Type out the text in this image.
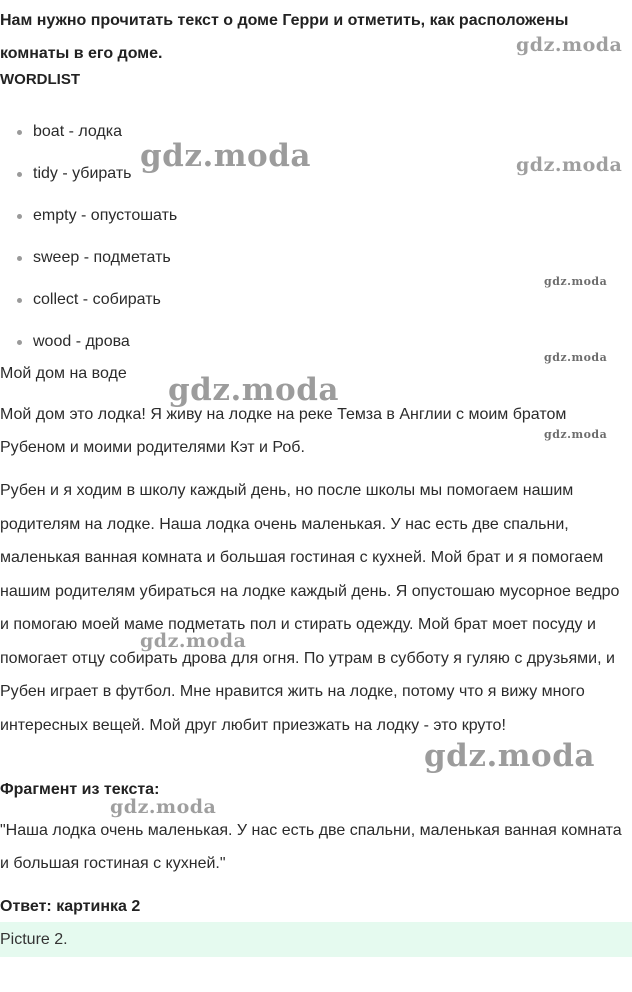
Нам нужно прочитать текст о доме Герри и отметить, как расположены комнаты в его доме.
WORDLIST
boat - лодка
tidy - убирать
empty - опустошать
sweep - подметать
collect - собирать
wood - дрова
Мой дом на воде
Мой дом это лодка! Я живу на лодке на реке Темза в Англии с моим братом Рубеном и моими родителями Кэт и Роб.
Рубен и я ходим в школу каждый день, но после школы мы помогаем нашим родителям на лодке. Наша лодка очень маленькая. У нас есть две спальни, маленькая ванная комната и большая гостиная с кухней. Мой брат и я помогаем нашим родителям убираться на лодке каждый день. Я опустошаю мусорное ведро и помогаю моей маме подметать пол и стирать одежду. Мой брат моет посуду и помогает отцу собирать дрова для огня. По утрам в субботу я гуляю с друзьями, и Рубен играет в футбол. Мне нравится жить на лодке, потому что я вижу много интересных вещей. Мой друг любит приезжать на лодку - это круто!
Фрагмент из текста:
"Наша лодка очень маленькая. У нас есть две спальни, маленькая ванная комната и большая гостиная с кухней."
Ответ: картинка 2
Picture 2.
gdz.moda
gdz.moda	gdz.moda
gdz.moda
gdz.moda
gdz.moda
gdz.moda
gdz.moda
gdz.moda
gdz.moda
